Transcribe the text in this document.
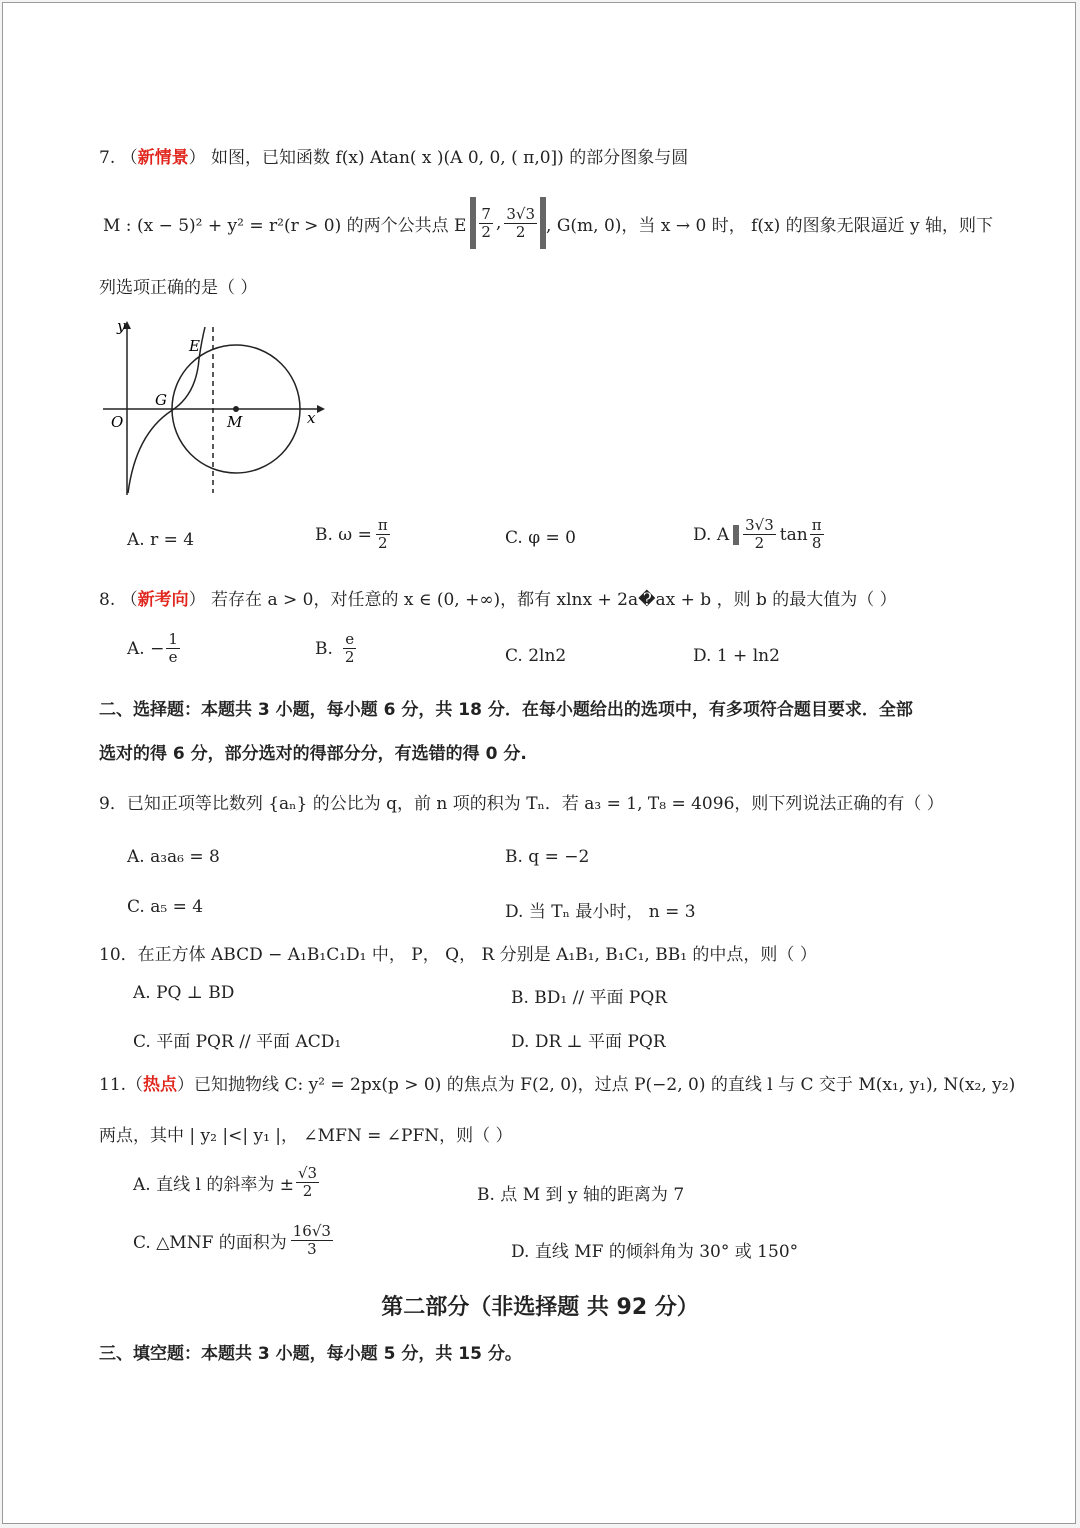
7. （新情景） 如图，已知函数 f(x) Atan( x )(A 0, 0, ( π,0]) 的部分图象与圆
M : (x − 5)² + y² = r²(r > 0) 的两个公共点 E $\frac{7}{2}$ , $\frac{3√3}{2}$ , G(m, 0)，当 x → 0 时， f(x) 的图象无限逼近 y 轴，则下
列选项正确的是（ ）
y
x
O
E
G
M
A. r = 4	B. $\omega = \frac{\pi}{2}$	C. φ = 0	D. A $\frac{3√3}{2}$ $\tan \frac{\pi}{8}$
8. （新考向） 若存在 a > 0，对任意的 x ∈ (0, +∞)，都有 xlnx + 2a�ax + b ，则 b 的最大值为（ ）
A. − $\frac{1}{e}$	B. $\frac{e}{2}$	C. 2ln2	D. 1 + ln2
二、选择题：本题共 3 小题，每小题 6 分，共 18 分．在每小题给出的选项中，有多项符合题目要求．全部
选对的得 6 分，部分选对的得部分分，有选错的得 0 分.
9．已知正项等比数列 {aₙ} 的公比为 q，前 n 项的积为 Tₙ．若 a₃ = 1, T₈ = 4096，则下列说法正确的有（ ）
A. a₃a₆ = 8	B. q = −2
C. a₅ = 4	D. 当 Tₙ 最小时， n = 3
10．在正方体 ABCD − A₁B₁C₁D₁ 中， P， Q， R 分别是 A₁B₁, B₁C₁, BB₁ 的中点，则（ ）
A. PQ ⊥ BD	B. BD₁ // 平面 PQR
C. 平面 PQR // 平面 ACD₁	D. DR ⊥ 平面 PQR
11.（热点）已知抛物线 C: y² = 2px(p > 0) 的焦点为 F(2, 0)，过点 P(−2, 0) 的直线 l 与 C 交于 M(x₁, y₁), N(x₂, y₂)
两点，其中 | y₂ |<| y₁ |， ∠MFN = ∠PFN，则（ ）
A. 直线 l 的斜率为 ± $\frac{√3}{2}$	B. 点 M 到 y 轴的距离为 7
C. △MNF 的面积为 $\frac{16√3}{3}$	D. 直线 MF 的倾斜角为 30° 或 150°
第二部分（非选择题 共 92 分）
三、填空题：本题共 3 小题，每小题 5 分，共 15 分。
